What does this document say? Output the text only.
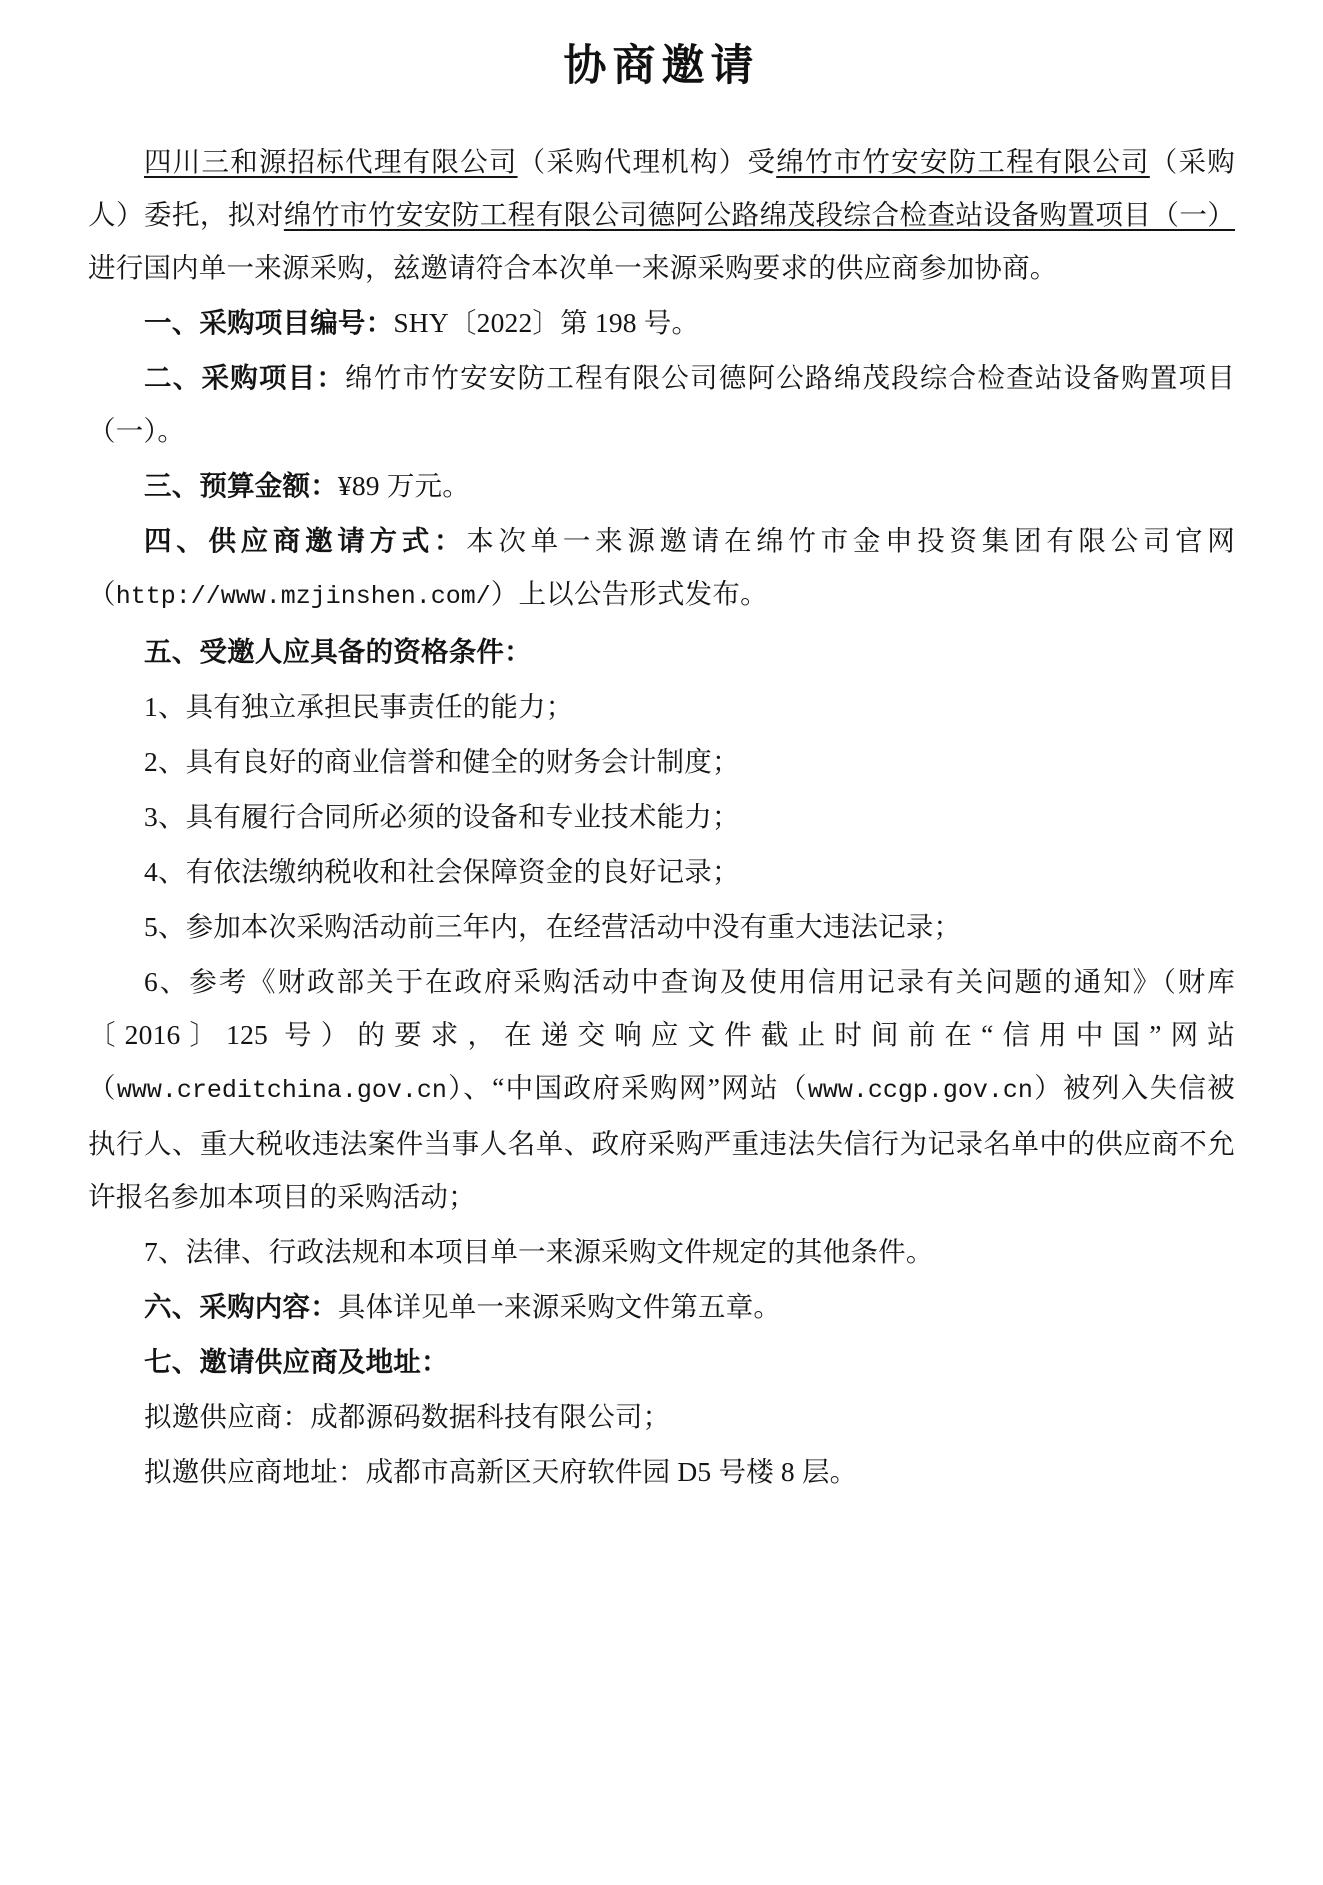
协商邀请

四川三和源招标代理有限公司（采购代理机构）受绵竹市竹安安防工程有限公司（采购人）委托，拟对绵竹市竹安安防工程有限公司德阿公路绵茂段综合检查站设备购置项目（一）进行国内单一来源采购，兹邀请符合本次单一来源采购要求的供应商参加协商。

一、采购项目编号：SHY〔2022〕第 198 号。

二、采购项目：绵竹市竹安安防工程有限公司德阿公路绵茂段综合检查站设备购置项目（一）。

三、预算金额：¥89 万元。

四、供应商邀请方式：本次单一来源邀请在绵竹市金申投资集团有限公司官网（http://www.mzjinshen.com/）上以公告形式发布。

五、受邀人应具备的资格条件：

1、具有独立承担民事责任的能力；

2、具有良好的商业信誉和健全的财务会计制度；

3、具有履行合同所必须的设备和专业技术能力；

4、有依法缴纳税收和社会保障资金的良好记录；

5、参加本次采购活动前三年内，在经营活动中没有重大违法记录；

6、参考《财政部关于在政府采购活动中查询及使用信用记录有关问题的通知》（财库〔2016〕125 号）的要求，在递交响应文件截止时间前在“信用中国”网站（www.creditchina.gov.cn）、“中国政府采购网”网站（www.ccgp.gov.cn）被列入失信被执行人、重大税收违法案件当事人名单、政府采购严重违法失信行为记录名单中的供应商不允许报名参加本项目的采购活动；

7、法律、行政法规和本项目单一来源采购文件规定的其他条件。

六、采购内容：具体详见单一来源采购文件第五章。

七、邀请供应商及地址：

拟邀供应商：成都源码数据科技有限公司；

拟邀供应商地址：成都市高新区天府软件园 D5 号楼 8 层。
